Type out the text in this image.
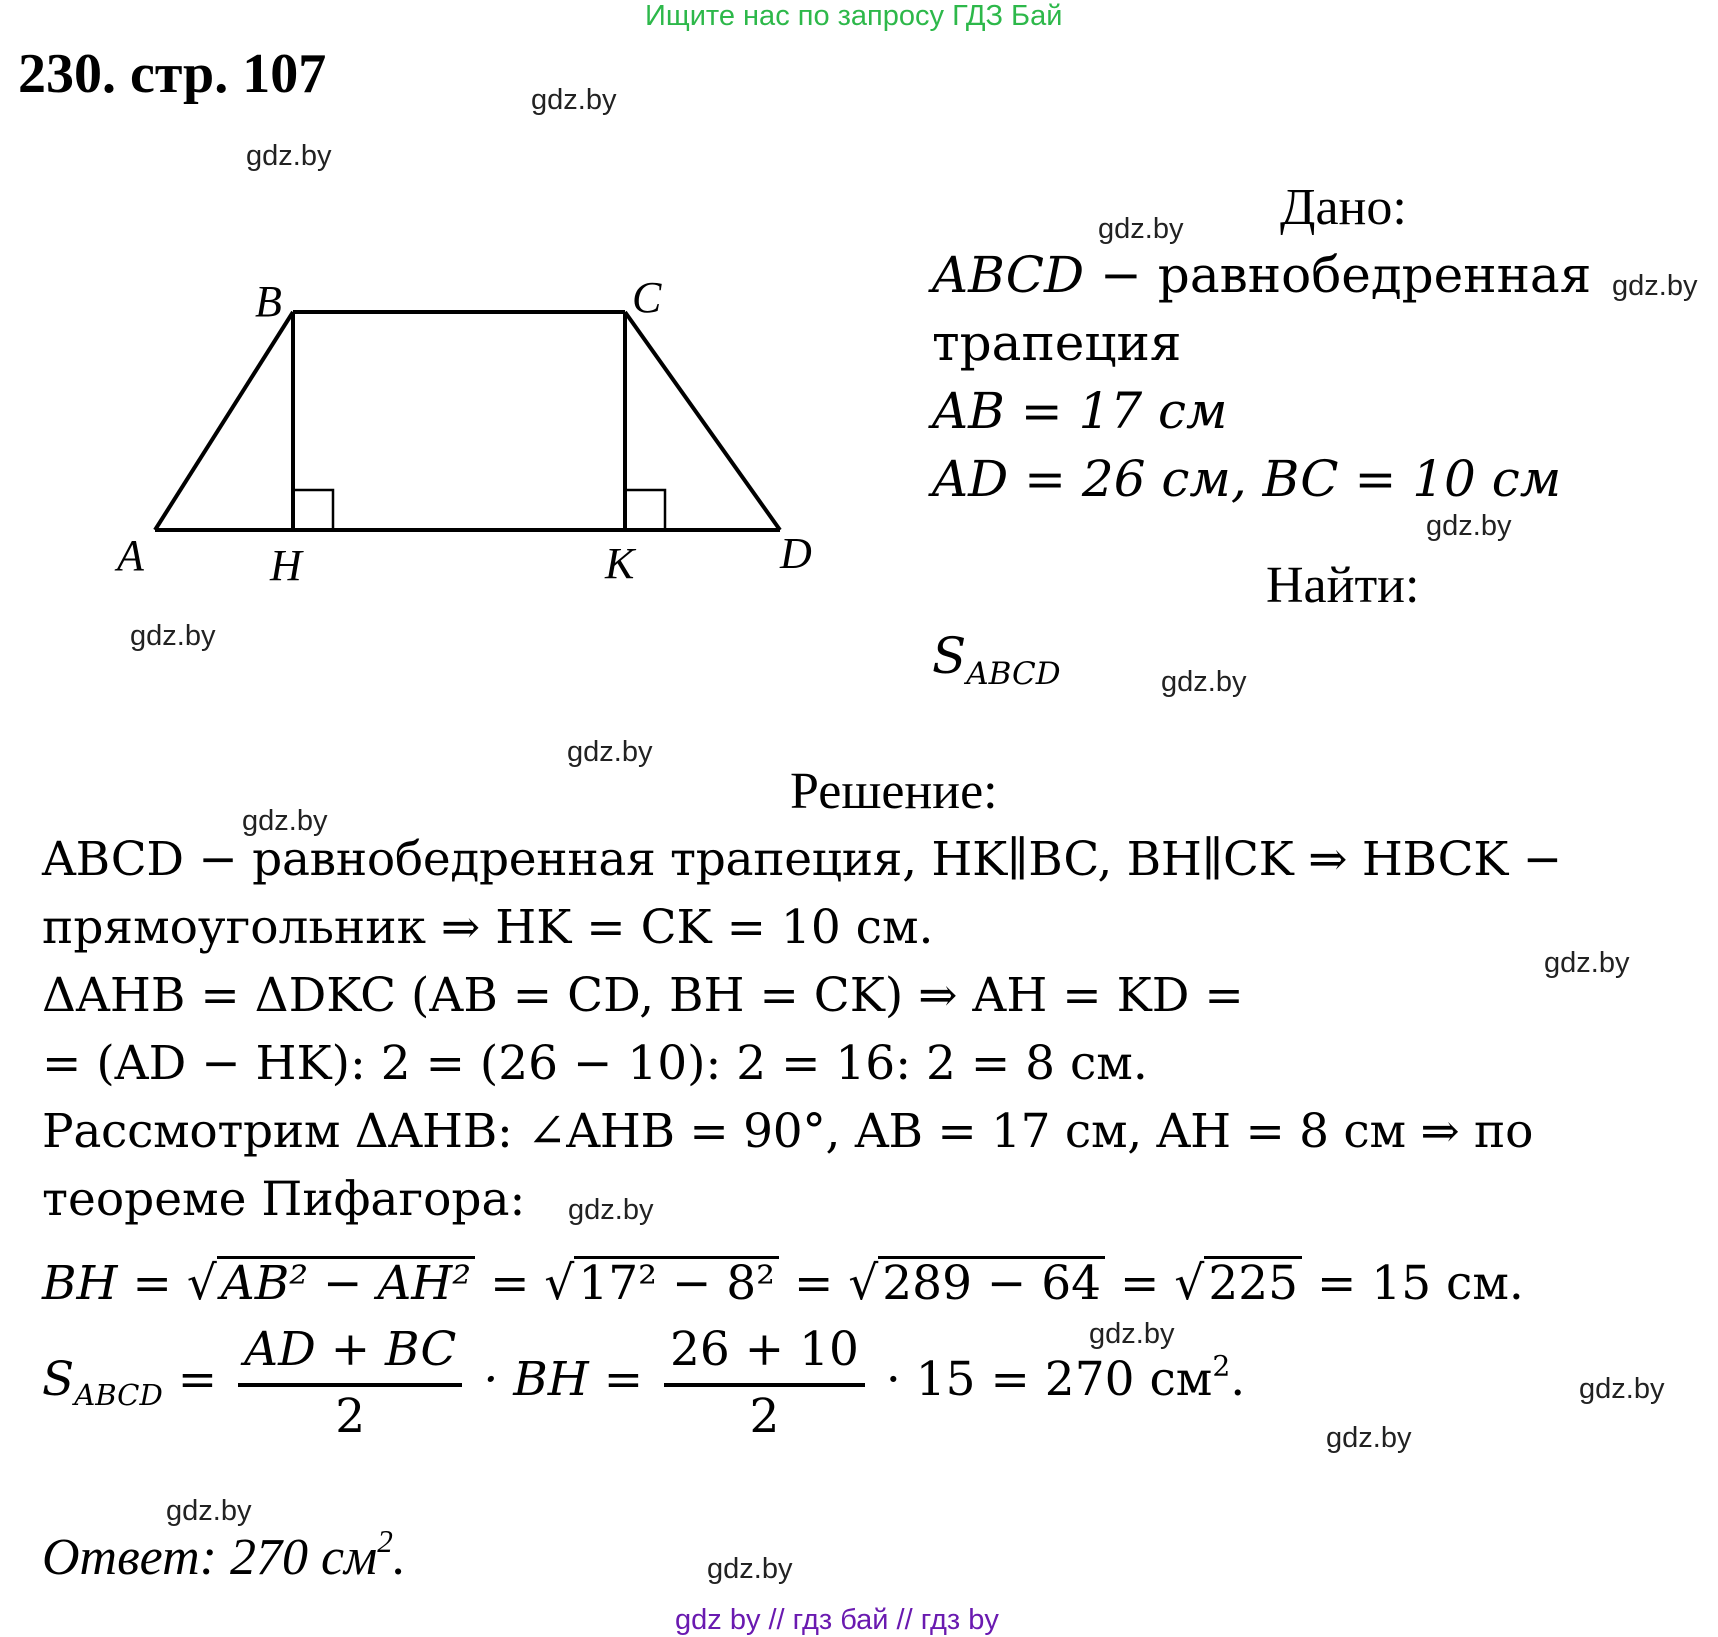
Ищите нас по запросу ГДЗ Бай
gdz by // гдз бай // гдз by
230. стр. 107	gdz.by
gdz.by
gdz.by
gdz.by
gdz.by
gdz.by
gdz.by
gdz.by
gdz.by
gdz.by
gdz.by
gdz.by
gdz.by
gdz.by
gdz.by
gdz.by
A
B	C
D
H	K
Дано:
ABCD − равнобедренная
трапеция
AB = 17 см
AD = 26 см, BC = 10 см
Найти:
$S_{ABCD}$
Решение:
ABCD − равнобедренная трапеция, HK∥BC, BH∥CK ⇒ HBCK −
прямоугольник ⇒ HK = CK = 10 см.
ΔAHB = ΔDKC (AB = CD, BH = CK) ⇒ AH = KD =
= (AD − HK): 2 = (26 − 10): 2 = 16: 2 = 8 см.
Рассмотрим ΔAHB: ∠AHB = 90°, AB = 17 см, AH = 8 см ⇒ по
теореме Пифагора:
BH = √AB² − AH² = √17² − 8² = √289 − 64 = √225 = 15 см.
$S_{ABCD} = \frac{AD + BC}{2}$ · BH = $\frac{26 + 10}{2} \cdot 15 = 270$ $см^2$.
Ответ: 270 $см^2$.
